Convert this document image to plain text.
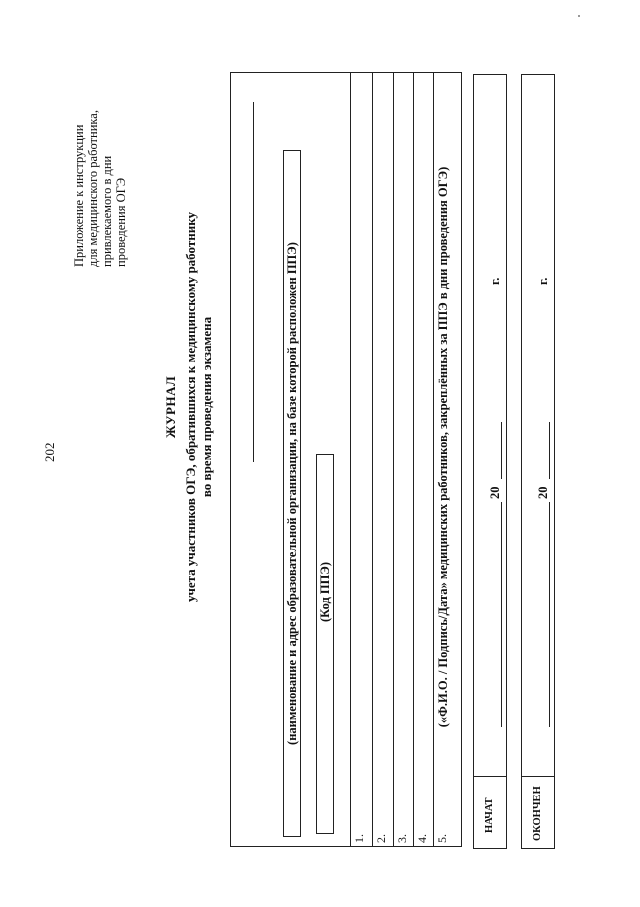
202
Приложение к инструкции для медицинского работника, привлекаемого в дни проведения ОГЭ
ЖУРНАЛ учета участников ОГЭ, обратившихся к медицинскому работнику во время проведения экзамена	(наименование и адрес образовательной организации, на базе которой расположен ППЭ) (Код ППЭ)
1. 2. 3. 4. 5.
(«Ф.И.О. / Подпись/Дата» медицинских работников, закреплённых за ППЭ в дни проведения ОГЭ)
НАЧАТ
20
г.
ОКОНЧЕН
20
г.
